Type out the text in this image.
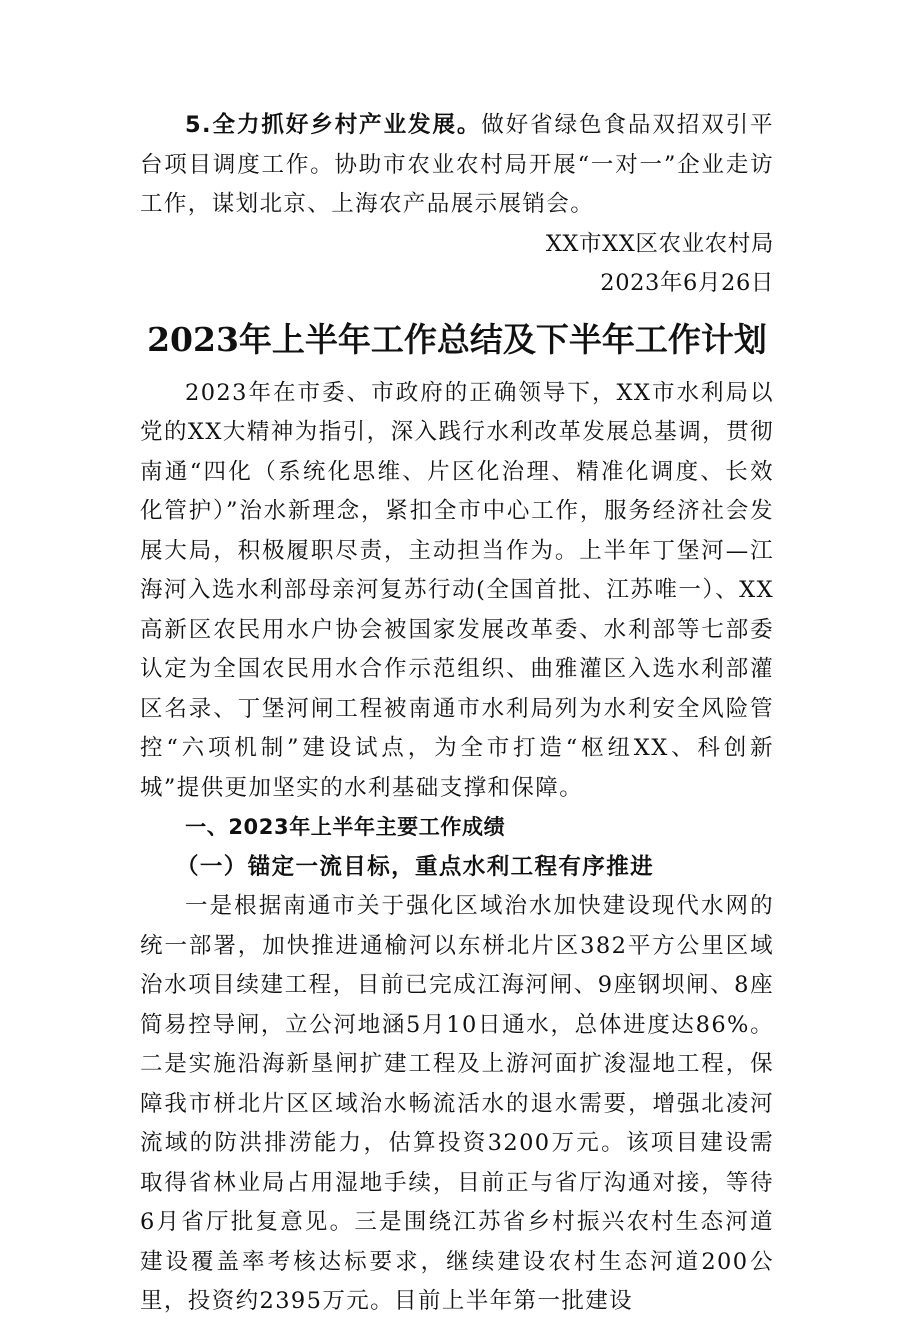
5.全力抓好乡村产业发展。做好省绿色食品双招双引平台项目调度工作。协助市农业农村局开展“一对一”企业走访工作，谋划北京、上海农产品展示展销会。

XX市XX区农业农村局

2023年6月26日

2023年上半年工作总结及下半年工作计划

2023年在市委、市政府的正确领导下，XX市水利局以党的XX大精神为指引，深入践行水利改革发展总基调，贯彻南通“四化（系统化思维、片区化治理、精准化调度、长效化管护）”治水新理念，紧扣全市中心工作，服务经济社会发展大局，积极履职尽责，主动担当作为。上半年丁堡河—江海河入选水利部母亲河复苏行动(全国首批、江苏唯一）、XX高新区农民用水户协会被国家发展改革委、水利部等七部委认定为全国农民用水合作示范组织、曲雅灌区入选水利部灌区名录、丁堡河闸工程被南通市水利局列为水利安全风险管控“六项机制”建设试点，为全市打造“枢纽XX、科创新城”提供更加坚实的水利基础支撑和保障。

一、2023年上半年主要工作成绩
（一）锚定一流目标，重点水利工程有序推进

一是根据南通市关于强化区域治水加快建设现代水网的统一部署，加快推进通榆河以东栟北片区382平方公里区域治水项目续建工程，目前已完成江海河闸、9座钢坝闸、8座简易控导闸，立公河地涵5月10日通水，总体进度达86%。二是实施沿海新垦闸扩建工程及上游河面扩浚湿地工程，保障我市栟北片区区域治水畅流活水的退水需要，增强北凌河流域的防洪排涝能力，估算投资3200万元。该项目建设需取得省林业局占用湿地手续，目前正与省厅沟通对接，等待6月省厅批复意见。三是围绕江苏省乡村振兴农村生态河道建设覆盖率考核达标要求，继续建设农村生态河道200公里，投资约2395万元。目前上半年第一批建设
